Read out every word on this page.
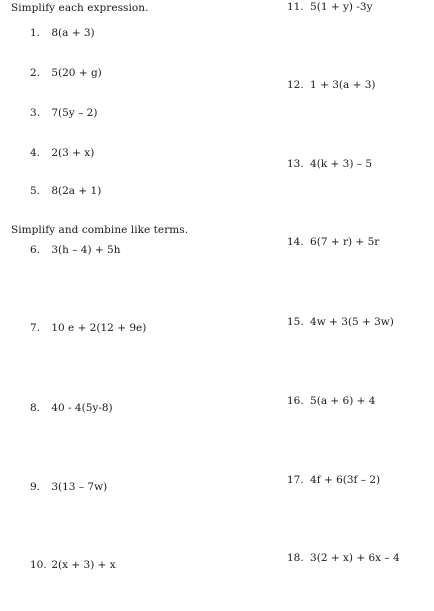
Simplify each expression.
Simplify and combine like terms.
1. 8(a + 3)
2. 5(20 + g)
3. 7(5y – 2)
4. 2(3 + x)
5. 8(2a + 1)
6. 3(h – 4) + 5h
7. 10 e + 2(12 + 9e)
8. 40 - 4(5y-8)
9. 3(13 – 7w)
10. 2(x + 3) + x
11. 5(1 + y) -3y
12. 1 + 3(a + 3)
13. 4(k + 3) – 5
14. 6(7 + r) + 5r
15. 4w + 3(5 + 3w)
16. 5(a + 6) + 4
17. 4f + 6(3f – 2)
18. 3(2 + x) + 6x – 4
